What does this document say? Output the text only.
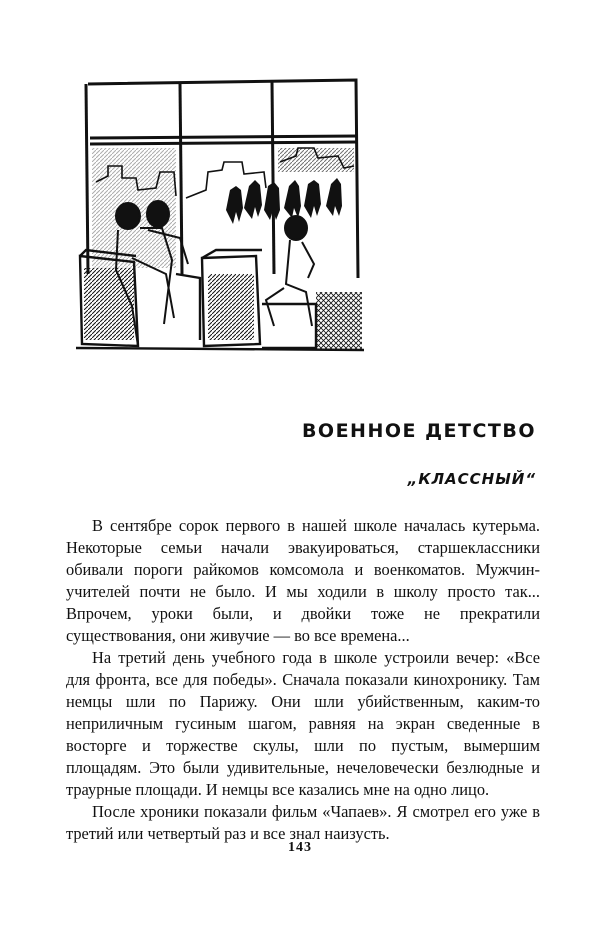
ВОЕННОЕ ДЕТСТВО
„КЛАССНЫЙ“

В сентябре сорок первого в нашей школе началась кутерьма. Некоторые семьи начали эвакуироваться, старшеклассники обивали пороги райкомов комсомола и военкоматов. Мужчин-учителей почти не было. И мы ходили в школу просто так... Впрочем, уроки были, и двойки тоже не прекратили существования, они живучие — во все времена...

На третий день учебного года в школе устроили вечер: «Все для фронта, все для победы». Сначала показали кинохронику. Там немцы шли по Парижу. Они шли убийственным, каким-то неприличным гусиным шагом, равняя на экран сведенные в восторге и торжестве скулы, шли по пустым, вымершим площадям. Это были удивительные, нечеловечески безлюдные и траурные площади. И немцы все казались мне на одно лицо.

После хроники показали фильм «Чапаев». Я смотрел его уже в третий или четвертый раз и все знал наизусть.

143
